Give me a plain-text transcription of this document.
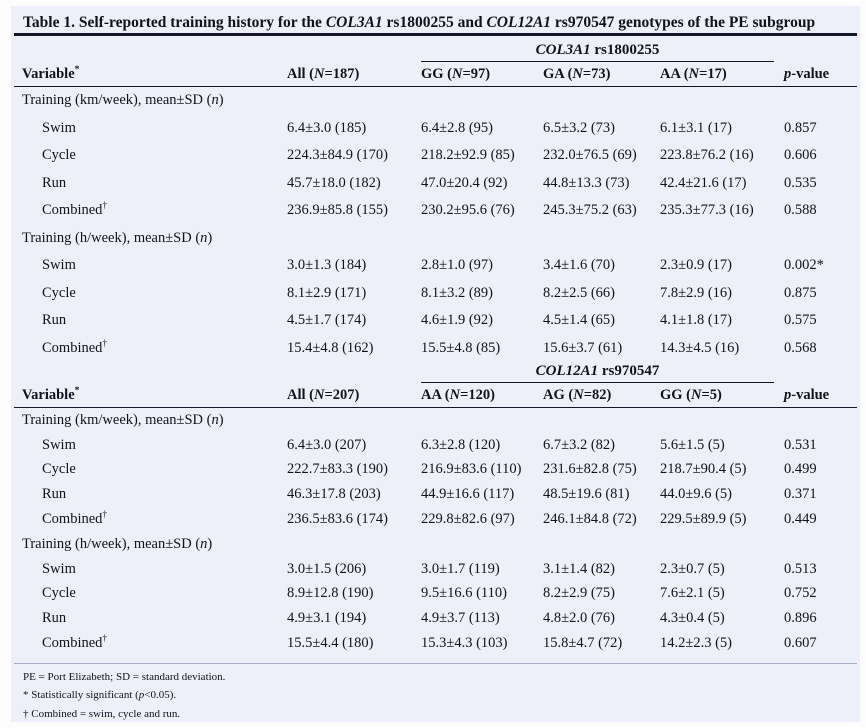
Table 1. Self-reported training history for the COL3A1 rs1800255 and COL12A1 rs970547 genotypes of the PE subgroup
COL3A1 rs1800255
Variable*	All (N=187)	GG (N=97)	GA (N=73)	AA (N=17)	p-value
Training (km/week), mean±SD (n)
Swim	6.4±3.0 (185)	6.4±2.8 (95)	6.5±3.2 (73)	6.1±3.1 (17)	0.857
Cycle	224.3±84.9 (170)	218.2±92.9 (85)	232.0±76.5 (69)	223.8±76.2 (16)	0.606
Run	45.7±18.0 (182)	47.0±20.4 (92)	44.8±13.3 (73)	42.4±21.6 (17)	0.535
Combined†	236.9±85.8 (155)	230.2±95.6 (76)	245.3±75.2 (63)	235.3±77.3 (16)	0.588
Training (h/week), mean±SD (n)
Swim	3.0±1.3 (184)	2.8±1.0 (97)	3.4±1.6 (70)	2.3±0.9 (17)	0.002*
Cycle	8.1±2.9 (171)	8.1±3.2 (89)	8.2±2.5 (66)	7.8±2.9 (16)	0.875
Run	4.5±1.7 (174)	4.6±1.9 (92)	4.5±1.4 (65)	4.1±1.8 (17)	0.575
Combined†	15.4±4.8 (162)	15.5±4.8 (85)	15.6±3.7 (61)	14.3±4.5 (16)	0.568
COL12A1 rs970547
Variable*	All (N=207)	AA (N=120)	AG (N=82)	GG (N=5)	p-value
Training (km/week), mean±SD (n)
Swim	6.4±3.0 (207)	6.3±2.8 (120)	6.7±3.2 (82)	5.6±1.5 (5)	0.531
Cycle	222.7±83.3 (190)	216.9±83.6 (110)	231.6±82.8 (75)	218.7±90.4 (5)	0.499
Run	46.3±17.8 (203)	44.9±16.6 (117)	48.5±19.6 (81)	44.0±9.6 (5)	0.371
Combined†	236.5±83.6 (174)	229.8±82.6 (97)	246.1±84.8 (72)	229.5±89.9 (5)	0.449
Training (h/week), mean±SD (n)
Swim	3.0±1.5 (206)	3.0±1.7 (119)	3.1±1.4 (82)	2.3±0.7 (5)	0.513
Cycle	8.9±12.8 (190)	9.5±16.6 (110)	8.2±2.9 (75)	7.6±2.1 (5)	0.752
Run	4.9±3.1 (194)	4.9±3.7 (113)	4.8±2.0 (76)	4.3±0.4 (5)	0.896
Combined†	15.5±4.4 (180)	15.3±4.3 (103)	15.8±4.7 (72)	14.2±2.3 (5)	0.607
PE = Port Elizabeth; SD = standard deviation.
* Statistically significant (p<0.05).
† Combined = swim, cycle and run.
